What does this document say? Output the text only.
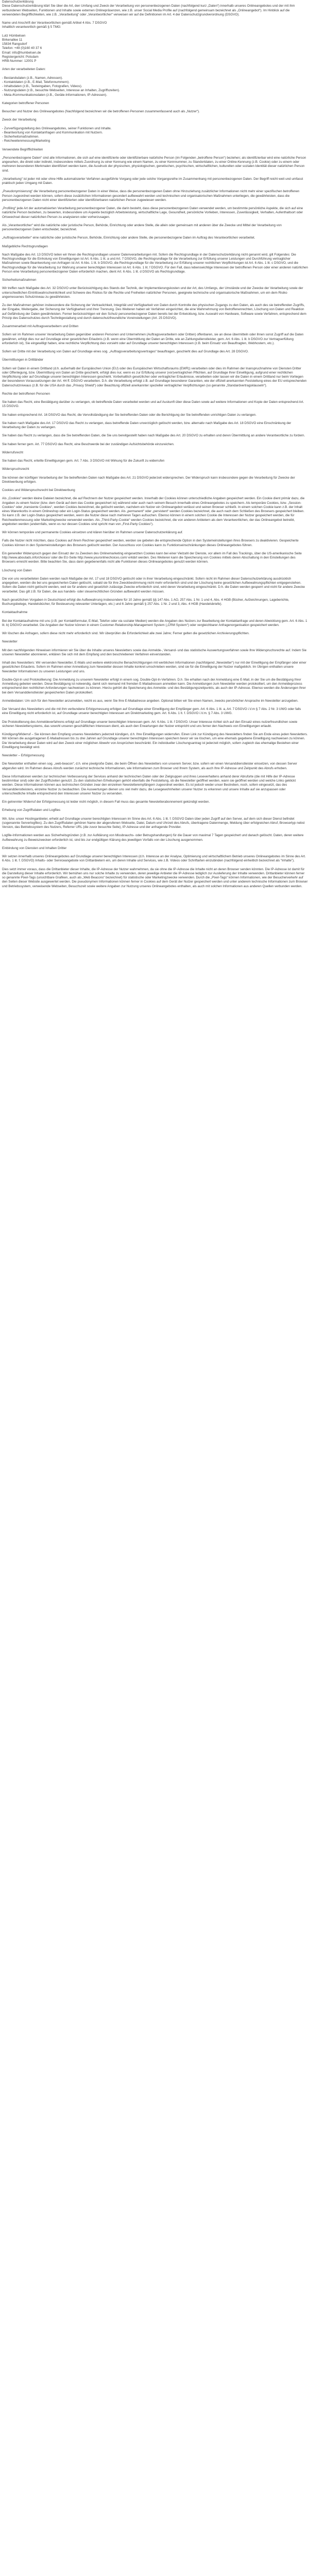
Datenschutzerklärung

Diese Datenschutzerklärung klärt Sie über die Art, den Umfang und Zweck der Verarbeitung von personenbezogenen Daten (nachfolgend kurz „Daten“) innerhalb unseres Onlineangebotes und der mit ihm verbundenen Webseiten, Funktionen und Inhalte sowie externen Onlinepräsenzen, wie z.B. unser Social Media Profile auf (nachfolgend gemeinsam bezeichnet als „Onlineangebot“). Im Hinblick auf die verwendeten Begrifflichkeiten, wie z.B. „Verarbeitung“ oder „Verantwortlicher“ verweisen wir auf die Definitionen im Art. 4 der Datenschutzgrundverordnung (DSGVO).

Name und Anschrift der Verantwortlichen gemäß Artikel 4 Abs. 7 DSGVO

Inhaltlich verantwortlich gemäß § 5 TMG:

Lutz Hümbelsen

Birkenallee 11

15834 Rangsdorf

Telefon: +49 (0)160 40 37 6

Email: info@humbelsen.de

Registergericht: Potsdam

HRB-Nummer: 12001 P

Arten der verarbeiteten Daten:

- Bestandsdaten (z.B., Namen, Adressen).

- Kontaktdaten (z.B., E-Mail, Telefonnummern).

- Inhaltsdaten (z.B., Texteingaben, Fotografien, Videos).

- Nutzungsdaten (z.B., besuchte Webseiten, Interesse an Inhalten, Zugriffszeiten).

- Meta-/Kommunikationsdaten (z.B., Geräte-Informationen, IP-Adressen).

Kategorien betroffener Personen

Besucher und Nutzer des Onlineangebotes (Nachfolgend bezeichnen wir die betroffenen Personen zusammenfassend auch als „Nutzer“).

Zweck der Verarbeitung

- Zurverfügungstellung des Onlineangebotes, seiner Funktionen und Inhalte.

- Beantwortung von Kontaktanfragen und Kommunikation mit Nutzern.

- Sicherheitsmaßnahmen.

- Reichweitenmessung/Marketing

Verwendete Begrifflichkeiten

„Personenbezogene Daten“ sind alle Informationen, die sich auf eine identifizierte oder identifizierbare natürliche Person (im Folgenden „betroffene Person“) beziehen; als identifizierbar wird eine natürliche Person angesehen, die direkt oder indirekt, insbesondere mittels Zuordnung zu einer Kennung wie einem Namen, zu einer Kennnummer, zu Standortdaten, zu einer Online-Kennung (z.B. Cookie) oder zu einem oder mehreren besonderen Merkmalen identifiziert werden kann, die Ausdruck der physischen, physiologischen, genetischen, psychischen, wirtschaftlichen, kulturellen oder sozialen Identität dieser natürlichen Person sind.

„Verarbeitung“ ist jeder mit oder ohne Hilfe automatisierter Verfahren ausgeführte Vorgang oder jede solche Vorgangsreihe im Zusammenhang mit personenbezogenen Daten. Der Begriff reicht weit und umfasst praktisch jeden Umgang mit Daten.

„Pseudonymisierung“ die Verarbeitung personenbezogener Daten in einer Weise, dass die personenbezogenen Daten ohne Hinzuziehung zusätzlicher Informationen nicht mehr einer spezifischen betroffenen Person zugeordnet werden können, sofern diese zusätzlichen Informationen gesondert aufbewahrt werden und technischen und organisatorischen Maßnahmen unterliegen, die gewährleisten, dass die personenbezogenen Daten nicht einer identifizierten oder identifizierbaren natürlichen Person zugewiesen werden.

„Profiling“ jede Art der automatisierten Verarbeitung personenbezogener Daten, die darin besteht, dass diese personenbezogenen Daten verwendet werden, um bestimmte persönliche Aspekte, die sich auf eine natürliche Person beziehen, zu bewerten, insbesondere um Aspekte bezüglich Arbeitsleistung, wirtschaftliche Lage, Gesundheit, persönliche Vorlieben, Interessen, Zuverlässigkeit, Verhalten, Aufenthaltsort oder Ortswechsel dieser natürlichen Person zu analysieren oder vorherzusagen.

Als „Verantwortlicher“ wird die natürliche oder juristische Person, Behörde, Einrichtung oder andere Stelle, die allein oder gemeinsam mit anderen über die Zwecke und Mittel der Verarbeitung von personenbezogenen Daten entscheidet, bezeichnet.

„Auftragsverarbeiter“ eine natürliche oder juristische Person, Behörde, Einrichtung oder andere Stelle, die personenbezogene Daten im Auftrag des Verantwortlichen verarbeitet.

Maßgebliche Rechtsgrundlagen

Nach Maßgabe des Art. 13 DSGVO teilen wir Ihnen die Rechtsgrundlagen unserer Datenverarbeitungen mit. Sofern die Rechtsgrundlage in der Datenschutzerklärung nicht genannt wird, gilt Folgendes: Die Rechtsgrundlage für die Einholung von Einwilligungen ist Art. 6 Abs. 1 lit. a und Art. 7 DSGVO, die Rechtsgrundlage für die Verarbeitung zur Erfüllung unserer Leistungen und Durchführung vertraglicher Maßnahmen sowie Beantwortung von Anfragen ist Art. 6 Abs. 1 lit. b DSGVO, die Rechtsgrundlage für die Verarbeitung zur Erfüllung unserer rechtlichen Verpflichtungen ist Art. 6 Abs. 1 lit. c DSGVO, und die Rechtsgrundlage für die Verarbeitung zur Wahrung unserer berechtigten Interessen ist Art. 6 Abs. 1 lit. f DSGVO. Für den Fall, dass lebenswichtige Interessen der betroffenen Person oder einer anderen natürlichen Person eine Verarbeitung personenbezogener Daten erforderlich machen, dient Art. 6 Abs. 1 lit. d DSGVO als Rechtsgrundlage.

Sicherheitsmaßnahmen

Wir treffen nach Maßgabe des Art. 32 DSGVO unter Berücksichtigung des Stands der Technik, der Implementierungskosten und der Art, des Umfangs, der Umstände und der Zwecke der Verarbeitung sowie der unterschiedlichen Eintrittswahrscheinlichkeit und Schwere des Risikos für die Rechte und Freiheiten natürlicher Personen, geeignete technische und organisatorische Maßnahmen, um ein dem Risiko angemessenes Schutzniveau zu gewährleisten.

Zu den Maßnahmen gehören insbesondere die Sicherung der Vertraulichkeit, Integrität und Verfügbarkeit von Daten durch Kontrolle des physischen Zugangs zu den Daten, als auch des sie betreffenden Zugriffs, der Eingabe, Weitergabe, der Sicherung der Verfügbarkeit und ihrer Trennung. Des Weiteren haben wir Verfahren eingerichtet, die eine Wahrnehmung von Betroffenenrechten, Löschung von Daten und Reaktion auf Gefährdung der Daten gewährleisten. Ferner berücksichtigen wir den Schutz personenbezogener Daten bereits bei der Entwicklung, bzw. Auswahl von Hardware, Software sowie Verfahren, entsprechend dem Prinzip des Datenschutzes durch Technikgestaltung und durch datenschutzfreundliche Voreinstellungen (Art. 25 DSGVO).

Zusammenarbeit mit Auftragsverarbeitern und Dritten

Sofern wir im Rahmen unserer Verarbeitung Daten gegenüber anderen Personen und Unternehmen (Auftragsverarbeitern oder Dritten) offenbaren, sie an diese übermitteln oder ihnen sonst Zugriff auf die Daten gewähren, erfolgt dies nur auf Grundlage einer gesetzlichen Erlaubnis (z.B. wenn eine Übermittlung der Daten an Dritte, wie an Zahlungsdienstleister, gem. Art. 6 Abs. 1 lit. b DSGVO zur Vertragserfüllung erforderlich ist), Sie eingewilligt haben, eine rechtliche Verpflichtung dies vorsieht oder auf Grundlage unserer berechtigten Interessen (z.B. beim Einsatz von Beauftragten, Webhostern, etc.).

Sofern wir Dritte mit der Verarbeitung von Daten auf Grundlage eines sog. „Auftragsverarbeitungsvertrages“ beauftragen, geschieht dies auf Grundlage des Art. 28 DSGVO.

Übermittlungen in Drittländer

Sofern wir Daten in einem Drittland (d.h. außerhalb der Europäischen Union (EU) oder des Europäischen Wirtschaftsraums (EWR)) verarbeiten oder dies im Rahmen der Inanspruchnahme von Diensten Dritter oder Offenlegung, bzw. Übermittlung von Daten an Dritte geschieht, erfolgt dies nur, wenn es zur Erfüllung unserer (vor)vertraglichen Pflichten, auf Grundlage Ihrer Einwilligung, aufgrund einer rechtlichen Verpflichtung oder auf Grundlage unserer berechtigten Interessen geschieht. Vorbehaltlich gesetzlicher oder vertraglicher Erlaubnisse, verarbeiten oder lassen wir die Daten in einem Drittland nur beim Vorliegen der besonderen Voraussetzungen der Art. 44 ff. DSGVO verarbeiten. D.h. die Verarbeitung erfolgt z.B. auf Grundlage besonderer Garantien, wie der offiziell anerkannten Feststellung eines der EU entsprechenden Datenschutzniveaus (z.B. für die USA durch das „Privacy Shield“) oder Beachtung offiziell anerkannter spezieller vertraglicher Verpflichtungen (so genannte „Standardvertragsklauseln“).

Rechte der betroffenen Personen

Sie haben das Recht, eine Bestätigung darüber zu verlangen, ob betreffende Daten verarbeitet werden und auf Auskunft über diese Daten sowie auf weitere Informationen und Kopie der Daten entsprechend Art. 15 DSGVO.

Sie haben entsprechend Art. 16 DSGVO das Recht, die Vervollständigung der Sie betreffenden Daten oder die Berichtigung der Sie betreffenden unrichtigen Daten zu verlangen.

Sie haben nach Maßgabe des Art. 17 DSGVO das Recht zu verlangen, dass betreffende Daten unverzüglich gelöscht werden, bzw. alternativ nach Maßgabe des Art. 18 DSGVO eine Einschränkung der Verarbeitung der Daten zu verlangen.

Sie haben das Recht zu verlangen, dass die Sie betreffenden Daten, die Sie uns bereitgestellt haben nach Maßgabe des Art. 20 DSGVO zu erhalten und deren Übermittlung an andere Verantwortliche zu fordern.

Sie haben ferner gem. Art. 77 DSGVO das Recht, eine Beschwerde bei der zuständigen Aufsichtsbehörde einzureichen.

Widerrufsrecht

Sie haben das Recht, erteilte Einwilligungen gem. Art. 7 Abs. 3 DSGVO mit Wirkung für die Zukunft zu widerrufen

Widerspruchsrecht

Sie können der künftigen Verarbeitung der Sie betreffenden Daten nach Maßgabe des Art. 21 DSGVO jederzeit widersprechen. Der Widerspruch kann insbesondere gegen die Verarbeitung für Zwecke der Direktwerbung erfolgen.

Cookies und Widerspruchsrecht bei Direktwerbung

Als „Cookies“ werden kleine Dateien bezeichnet, die auf Rechnern der Nutzer gespeichert werden. Innerhalb der Cookies können unterschiedliche Angaben gespeichert werden. Ein Cookie dient primär dazu, die Angaben zu einem Nutzer (bzw. dem Gerät auf dem das Cookie gespeichert ist) während oder auch nach seinem Besuch innerhalb eines Onlineangebotes zu speichern. Als temporäre Cookies, bzw. „Session-Cookies“ oder „transiente Cookies“, werden Cookies bezeichnet, die gelöscht werden, nachdem ein Nutzer ein Onlineangebot verlässt und seinen Browser schließt. In einem solchen Cookie kann z.B. der Inhalt eines Warenkorbs in einem Onlineshop oder ein Login-Status gespeichert werden. Als „permanent“ oder „persistent“ werden Cookies bezeichnet, die auch nach dem Schließen des Browsers gespeichert bleiben. So kann z.B. der Login-Status gespeichert werden, wenn die Nutzer diese nach mehreren Tagen aufsuchen. Ebenso können in einem solchen Cookie die Interessen der Nutzer gespeichert werden, die für Reichweitenmessung oder Marketingzwecke verwendet werden. Als „Third-Party-Cookie“ werden Cookies bezeichnet, die von anderen Anbietern als dem Verantwortlichen, der das Onlineangebot betreibt, angeboten werden (andernfalls, wenn es nur dessen Cookies sind spricht man von „First-Party Cookies“).

Wir können temporäre und permanente Cookies einsetzen und klären hierüber im Rahmen unserer Datenschutzerklärung auf.

Falls die Nutzer nicht möchten, dass Cookies auf ihrem Rechner gespeichert werden, werden sie gebeten die entsprechende Option in den Systemeinstellungen ihres Browsers zu deaktivieren. Gespeicherte Cookies können in den Systemeinstellungen des Browsers gelöscht werden. Der Ausschluss von Cookies kann zu Funktionseinschränkungen dieses Onlineangebotes führen.

Ein genereller Widerspruch gegen den Einsatz der zu Zwecken des Onlinemarketing eingesetzten Cookies kann bei einer Vielzahl der Dienste, vor allem im Fall des Trackings, über die US-amerikanische Seite http://www.aboutads.info/choices/ oder die EU-Seite http://www.youronlinechoices.com/ erklärt werden. Des Weiteren kann die Speicherung von Cookies mittels deren Abschaltung in den Einstellungen des Browsers erreicht werden. Bitte beachten Sie, dass dann gegebenenfalls nicht alle Funktionen dieses Onlineangebotes genutzt werden können.

Löschung von Daten

Die von uns verarbeiteten Daten werden nach Maßgabe der Art. 17 und 18 DSGVO gelöscht oder in ihrer Verarbeitung eingeschränkt. Sofern nicht im Rahmen dieser Datenschutzerklärung ausdrücklich angegeben, werden die bei uns gespeicherten Daten gelöscht, sobald sie für ihre Zweckbestimmung nicht mehr erforderlich sind und der Löschung keine gesetzlichen Aufbewahrungspflichten entgegenstehen. Sofern die Daten nicht gelöscht werden, weil sie für andere und gesetzlich zulässige Zwecke erforderlich sind, wird deren Verarbeitung eingeschränkt. D.h. die Daten werden gesperrt und nicht für andere Zwecke verarbeitet. Das gilt z.B. für Daten, die aus handels- oder steuerrechtlichen Gründen aufbewahrt werden müssen.

Nach gesetzlichen Vorgaben in Deutschland erfolgt die Aufbewahrung insbesondere für 10 Jahre gemäß §§ 147 Abs. 1 AO, 257 Abs. 1 Nr. 1 und 4, Abs. 4 HGB (Bücher, Aufzeichnungen, Lageberichte, Buchungsbelege, Handelsbücher, für Besteuerung relevanter Unterlagen, etc.) und 6 Jahre gemäß § 257 Abs. 1 Nr. 2 und 3, Abs. 4 HGB (Handelsbriefe).

Kontaktaufnahme

Bei der Kontaktaufnahme mit uns (z.B. per Kontaktformular, E-Mail, Telefon oder via sozialer Medien) werden die Angaben des Nutzers zur Bearbeitung der Kontaktanfrage und deren Abwicklung gem. Art. 6 Abs. 1 lit. b) DSGVO verarbeitet. Die Angaben der Nutzer können in einem Customer-Relationship-Management System („CRM System“) oder vergleichbarer Anfragenorganisation gespeichert werden.

Wir löschen die Anfragen, sofern diese nicht mehr erforderlich sind. Wir überprüfen die Erforderlichkeit alle zwei Jahre; Ferner gelten die gesetzlichen Archivierungspflichten.

Newsletter

Mit den nachfolgenden Hinweisen informieren wir Sie über die Inhalte unseres Newsletters sowie das Anmelde-, Versand- und das statistische Auswertungsverfahren sowie Ihre Widerspruchsrechte auf. Indem Sie unseren Newsletter abonnieren, erklären Sie sich mit dem Empfang und den beschriebenen Verfahren einverstanden.

Inhalt des Newsletters: Wir versenden Newsletter, E-Mails und weitere elektronische Benachrichtigungen mit werblichen Informationen (nachfolgend „Newsletter“) nur mit der Einwilligung der Empfänger oder einer gesetzlichen Erlaubnis. Sofern im Rahmen einer Anmeldung zum Newsletter dessen Inhalte konkret umschrieben werden, sind sie für die Einwilligung der Nutzer maßgeblich. Im Übrigen enthalten unsere Newsletter Informationen zu unseren Leistungen und uns.

Double-Opt-In und Protokollierung: Die Anmeldung zu unserem Newsletter erfolgt in einem sog. Double-Opt-In-Verfahren. D.h. Sie erhalten nach der Anmeldung eine E-Mail, in der Sie um die Bestätigung Ihrer Anmeldung gebeten werden. Diese Bestätigung ist notwendig, damit sich niemand mit fremden E-Mailadressen anmelden kann. Die Anmeldungen zum Newsletter werden protokolliert, um den Anmeldeprozess entsprechend den rechtlichen Anforderungen nachweisen zu können. Hierzu gehört die Speicherung des Anmelde- und des Bestätigungszeitpunkts, als auch der IP-Adresse. Ebenso werden die Änderungen Ihrer bei dem Versanddienstleister gespeicherten Daten protokolliert.

Anmeldedaten: Um sich für den Newsletter anzumelden, reicht es aus, wenn Sie Ihre E-Mailadresse angeben. Optional bitten wir Sie einen Namen, zwecks persönlicher Ansprache im Newsletter anzugeben.

Der Versand des Newsletters und die mit ihm verbundene Erfolgsmessung erfolgen auf Grundlage einer Einwilligung der Empfänger gem. Art. 6 Abs. 1 lit. a, Art. 7 DSGVO i.V.m § 7 Abs. 2 Nr. 3 UWG oder falls eine Einwilligung nicht erforderlich ist, auf Grundlage unserer berechtigten Interessen am Direktmarketing gem. Art. 6 Abs. 1 lt. f. DSGVO i.V.m. § 7 Abs. 3 UWG.

Die Protokollierung des Anmeldeverfahrens erfolgt auf Grundlage unserer berechtigten Interessen gem. Art. 6 Abs. 1 lit. f DSGVO. Unser Interesse richtet sich auf den Einsatz eines nutzerfreundlichen sowie sicheren Newslettersystems, das sowohl unseren geschäftlichen Interessen dient, als auch den Erwartungen der Nutzer entspricht und uns ferner den Nachweis von Einwilligungen erlaubt.

Kündigung/Widerruf – Sie können den Empfang unseres Newsletters jederzeit kündigen, d.h. Ihre Einwilligungen widerrufen. Einen Link zur Kündigung des Newsletters finden Sie am Ende eines jeden Newsletters. Wir können die ausgetragenen E-Mailadressen bis zu drei Jahren auf Grundlage unserer berechtigten Interessen speichern bevor wir sie löschen, um eine ehemals gegebene Einwilligung nachweisen zu können. Die Verarbeitung dieser Daten wird auf den Zweck einer möglichen Abwehr von Ansprüchen beschränkt. Ein individueller Löschungsantrag ist jederzeit möglich, sofern zugleich das ehemalige Bestehen einer Einwilligung bestätigt wird.

Newsletter – Erfolgsmessung

Die Newsletter enthalten einen sog. „web-beacon“, d.h. eine pixelgroße Datei, die beim Öffnen des Newsletters von unserem Server, bzw. sofern wir einen Versanddienstleister einsetzen, von dessen Server abgerufen wird. Im Rahmen dieses Abrufs werden zunächst technische Informationen, wie Informationen zum Browser und Ihrem System, als auch Ihre IP-Adresse und Zeitpunkt des Abrufs erhoben.

Diese Informationen werden zur technischen Verbesserung der Services anhand der technischen Daten oder der Zielgruppen und ihres Leseverhaltens anhand derer Abruforte (die mit Hilfe der IP-Adresse bestimmbar sind) oder der Zugriffszeiten genutzt. Zu den statistischen Erhebungen gehört ebenfalls die Feststellung, ob die Newsletter geöffnet werden, wann sie geöffnet werden und welche Links geklickt werden. Diese Informationen können aus technischen Gründen zwar den einzelnen Newsletterempfängern zugeordnet werden. Es ist jedoch weder unser Bestreben, noch, sofern eingesetzt, das des Versanddienstleisters, einzelne Nutzer zu beobachten. Die Auswertungen dienen uns viel mehr dazu, die Lesegewohnheiten unserer Nutzer zu erkennen und unsere Inhalte auf sie anzupassen oder unterschiedliche Inhalte entsprechend den Interessen unserer Nutzer zu versenden.

Ein getrennter Widerruf der Erfolgsmessung ist leider nicht möglich, in diesem Fall muss das gesamte Newsletterabonnement gekündigt werden.

Erhebung von Zugriffsdaten und Logfiles

Wir, bzw. unser Hostinganbieter, erhebt auf Grundlage unserer berechtigten Interessen im Sinne des Art. 6 Abs. 1 lit. f. DSGVO Daten über jeden Zugriff auf den Server, auf dem sich dieser Dienst befindet (sogenannte Serverlogfiles). Zu den Zugriffsdaten gehören Name der abgerufenen Webseite, Datei, Datum und Uhrzeit des Abrufs, übertragene Datenmenge, Meldung über erfolgreichen Abruf, Browsertyp nebst Version, das Betriebssystem des Nutzers, Referrer URL (die zuvor besuchte Seite), IP-Adresse und der anfragende Provider.

Logfile-Informationen werden aus Sicherheitsgründen (z.B. zur Aufklärung von Missbrauchs- oder Betrugshandlungen) für die Dauer von maximal 7 Tagen gespeichert und danach gelöscht. Daten, deren weitere Aufbewahrung zu Beweiszwecken erforderlich ist, sind bis zur endgültigen Klärung des jeweiligen Vorfalls von der Löschung ausgenommen.

Einbindung von Diensten und Inhalten Dritter

Wir setzen innerhalb unseres Onlineangebotes auf Grundlage unserer berechtigten Interessen (d.h. Interesse an der Analyse, Optimierung und wirtschaftlichem Betrieb unseres Onlineangebotes im Sinne des Art. 6 Abs. 1 lit. f. DSGVO) Inhalts- oder Serviceangebote von Drittanbietern ein, um deren Inhalte und Services, wie z.B. Videos oder Schriftarten einzubinden (nachfolgend einheitlich bezeichnet als “Inhalte”).

Dies setzt immer voraus, dass die Drittanbieter dieser Inhalte, die IP-Adresse der Nutzer wahrnehmen, da sie ohne die IP-Adresse die Inhalte nicht an deren Browser senden könnten. Die IP-Adresse ist damit für die Darstellung dieser Inhalte erforderlich. Wir bemühen uns nur solche Inhalte zu verwenden, deren jeweilige Anbieter die IP-Adresse lediglich zur Auslieferung der Inhalte verwenden. Drittanbieter können ferner so genannte Pixel-Tags (unsichtbare Grafiken, auch als „Web Beacons“ bezeichnet) für statistische oder Marketingzwecke verwenden. Durch die „Pixel-Tags“ können Informationen, wie der Besucherverkehr auf den Seiten dieser Website ausgewertet werden. Die pseudonymen Informationen können ferner in Cookies auf dem Gerät der Nutzer gespeichert werden und unter anderem technische Informationen zum Browser und Betriebssystem, verweisende Webseiten, Besuchszeit sowie weitere Angaben zur Nutzung unseres Onlineangebotes enthalten, als auch mit solchen Informationen aus anderen Quellen verbunden werden.
